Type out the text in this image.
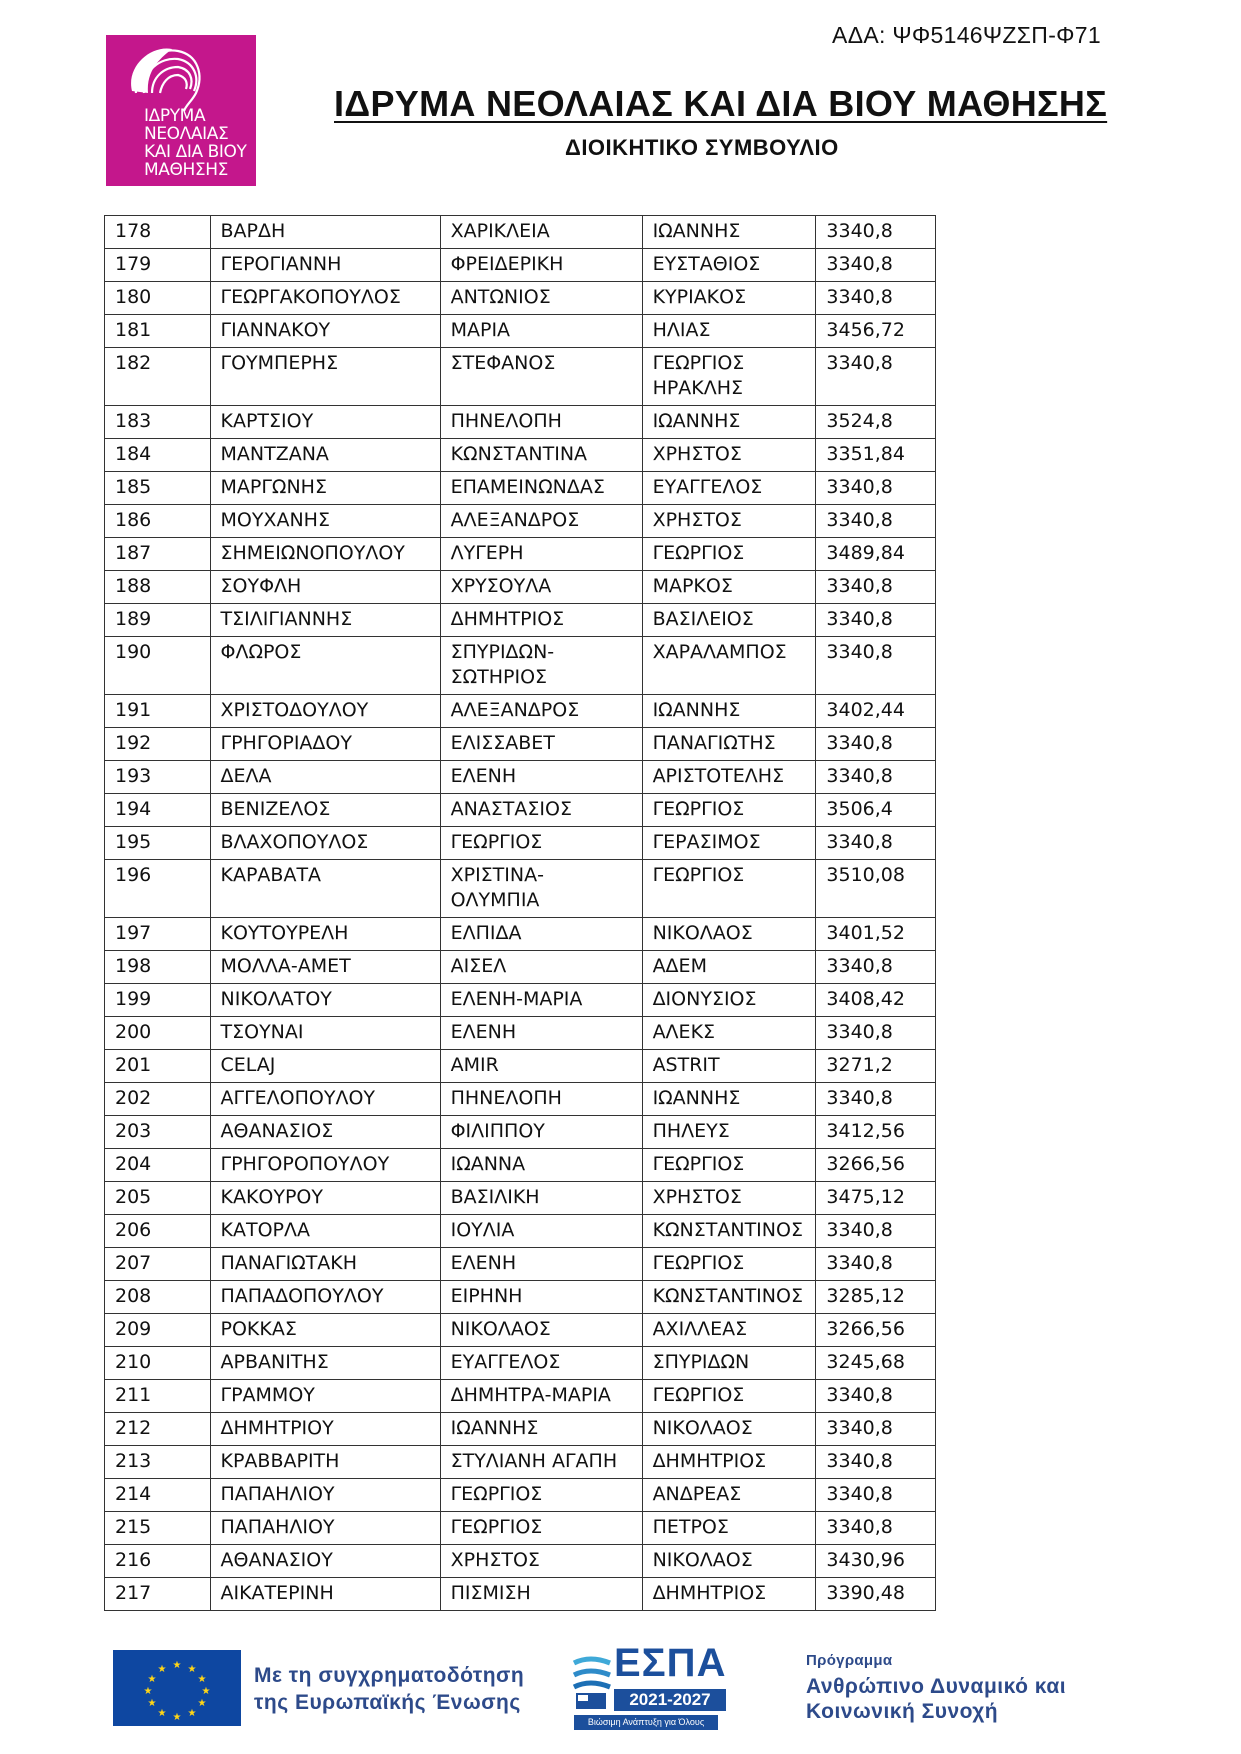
ΑΔΑ: ΨΦ5146ΨΖΣΠ-Φ71
ΙΔΡΥΜΑ
ΝΕΟΛΑΙΑΣ
ΚΑΙ ΔΙΑ ΒΙΟΥ
ΜΑΘΗΣΗΣ
ΙΔΡΥΜΑ ΝΕΟΛΑΙΑΣ ΚΑΙ ΔΙΑ ΒΙΟΥ ΜΑΘΗΣΗΣ
ΔΙΟΙΚΗΤΙΚΟ ΣΥΜΒΟΥΛΙΟ
178	ΒΑΡΔΗ	ΧΑΡΙΚΛΕΙΑ	ΙΩΑΝΝΗΣ	3340,8
179	ΓΕΡΟΓΙΑΝΝΗ	ΦΡΕΙΔΕΡΙΚΗ	ΕΥΣΤΑΘΙΟΣ	3340,8
180	ΓΕΩΡΓΑΚΟΠΟΥΛΟΣ	ΑΝΤΩΝΙΟΣ	ΚΥΡΙΑΚΟΣ	3340,8
181	ΓΙΑΝΝΑΚΟΥ	ΜΑΡΙΑ	ΗΛΙΑΣ	3456,72
182	ΓΟΥΜΠΕΡΗΣ	ΣΤΕΦΑΝΟΣ	ΓΕΩΡΓΙΟΣ ΗΡΑΚΛΗΣ	3340,8
183	ΚΑΡΤΣΙΟΥ	ΠΗΝΕΛΟΠΗ	ΙΩΑΝΝΗΣ	3524,8
184	ΜΑΝΤΖΑΝΑ	ΚΩΝΣΤΑΝΤΙΝΑ	ΧΡΗΣΤΟΣ	3351,84
185	ΜΑΡΓΩΝΗΣ	ΕΠΑΜΕΙΝΩΝΔΑΣ	ΕΥΑΓΓΕΛΟΣ	3340,8
186	ΜΟΥΧΑΝΗΣ	ΑΛΕΞΑΝΔΡΟΣ	ΧΡΗΣΤΟΣ	3340,8
187	ΣΗΜΕΙΩΝΟΠΟΥΛΟΥ	ΛΥΓΕΡΗ	ΓΕΩΡΓΙΟΣ	3489,84
188	ΣΟΥΦΛΗ	ΧΡΥΣΟΥΛΑ	ΜΑΡΚΟΣ	3340,8
189	ΤΣΙΛΙΓΙΑΝΝΗΣ	ΔΗΜΗΤΡΙΟΣ	ΒΑΣΙΛΕΙΟΣ	3340,8
190	ΦΛΩΡΟΣ	ΣΠΥΡΙΔΩΝ- ΣΩΤΗΡΙΟΣ	ΧΑΡΑΛΑΜΠΟΣ	3340,8
191	ΧΡΙΣΤΟΔΟΥΛΟΥ	ΑΛΕΞΑΝΔΡΟΣ	ΙΩΑΝΝΗΣ	3402,44
192	ΓΡΗΓΟΡΙΑΔΟΥ	ΕΛΙΣΣΑΒΕΤ	ΠΑΝΑΓΙΩΤΗΣ	3340,8
193	ΔΕΛΑ	ΕΛΕΝΗ	ΑΡΙΣΤΟΤΕΛΗΣ	3340,8
194	ΒΕΝΙΖΕΛΟΣ	ΑΝΑΣΤΑΣΙΟΣ	ΓΕΩΡΓΙΟΣ	3506,4
195	ΒΛΑΧΟΠΟΥΛΟΣ	ΓΕΩΡΓΙΟΣ	ΓΕΡΑΣΙΜΟΣ	3340,8
196	ΚΑΡΑΒΑΤΑ	ΧΡΙΣΤΙΝΑ- ΟΛΥΜΠΙΑ	ΓΕΩΡΓΙΟΣ	3510,08
197	ΚΟΥΤΟΥΡΕΛΗ	ΕΛΠΙΔΑ	ΝΙΚΟΛΑΟΣ	3401,52
198	ΜΟΛΛΑ-ΑΜΕΤ	ΑΙΣΕΛ	ΑΔΕΜ	3340,8
199	ΝΙΚΟΛΑΤΟΥ	ΕΛΕΝΗ-ΜΑΡΙΑ	ΔΙΟΝΥΣΙΟΣ	3408,42
200	ΤΣΟΥΝΑΙ	ΕΛΕΝΗ	ΑΛΕΚΣ	3340,8
201	CELAJ	AMIR	ASTRIT	3271,2
202	ΑΓΓΕΛΟΠΟΥΛΟΥ	ΠΗΝΕΛΟΠΗ	ΙΩΑΝΝΗΣ	3340,8
203	ΑΘΑΝΑΣΙΟΣ	ΦΙΛΙΠΠΟΥ	ΠΗΛΕΥΣ	3412,56
204	ΓΡΗΓΟΡΟΠΟΥΛΟΥ	ΙΩΑΝΝΑ	ΓΕΩΡΓΙΟΣ	3266,56
205	ΚΑΚΟΥΡΟΥ	ΒΑΣΙΛΙΚΗ	ΧΡΗΣΤΟΣ	3475,12
206	ΚΑΤΟΡΛΑ	ΙΟΥΛΙΑ	ΚΩΝΣΤΑΝΤΙΝΟΣ	3340,8
207	ΠΑΝΑΓΙΩΤΑΚΗ	ΕΛΕΝΗ	ΓΕΩΡΓΙΟΣ	3340,8
208	ΠΑΠΑΔΟΠΟΥΛΟΥ	ΕΙΡΗΝΗ	ΚΩΝΣΤΑΝΤΙΝΟΣ	3285,12
209	ΡΟΚΚΑΣ	ΝΙΚΟΛΑΟΣ	ΑΧΙΛΛΕΑΣ	3266,56
210	ΑΡΒΑΝΙΤΗΣ	ΕΥΑΓΓΕΛΟΣ	ΣΠΥΡΙΔΩΝ	3245,68
211	ΓΡΑΜΜΟΥ	ΔΗΜΗΤΡΑ-ΜΑΡΙΑ	ΓΕΩΡΓΙΟΣ	3340,8
212	ΔΗΜΗΤΡΙΟΥ	ΙΩΑΝΝΗΣ	ΝΙΚΟΛΑΟΣ	3340,8
213	ΚΡΑΒΒΑΡΙΤΗ	ΣΤΥΛΙΑΝΗ ΑΓΑΠΗ	ΔΗΜΗΤΡΙΟΣ	3340,8
214	ΠΑΠΑΗΛΙΟΥ	ΓΕΩΡΓΙΟΣ	ΑΝΔΡΕΑΣ	3340,8
215	ΠΑΠΑΗΛΙΟΥ	ΓΕΩΡΓΙΟΣ	ΠΕΤΡΟΣ	3340,8
216	ΑΘΑΝΑΣΙΟΥ	ΧΡΗΣΤΟΣ	ΝΙΚΟΛΑΟΣ	3430,96
217	ΑΙΚΑΤΕΡΙΝΗ	ΠΙΣΜΙΣΗ	ΔΗΜΗΤΡΙΟΣ	3390,48
★ ★
★
★
★
★
★
★
★
★
★
★	Με τη συγχρηματοδότηση
της Ευρωπαϊκής Ένωσης
ΕΣΠΑ
2021-2027
Βιώσιμη Ανάπτυξη για Όλους
Πρόγραμμα
Ανθρώπινο Δυναμικό και
Κοινωνική Συνοχή
